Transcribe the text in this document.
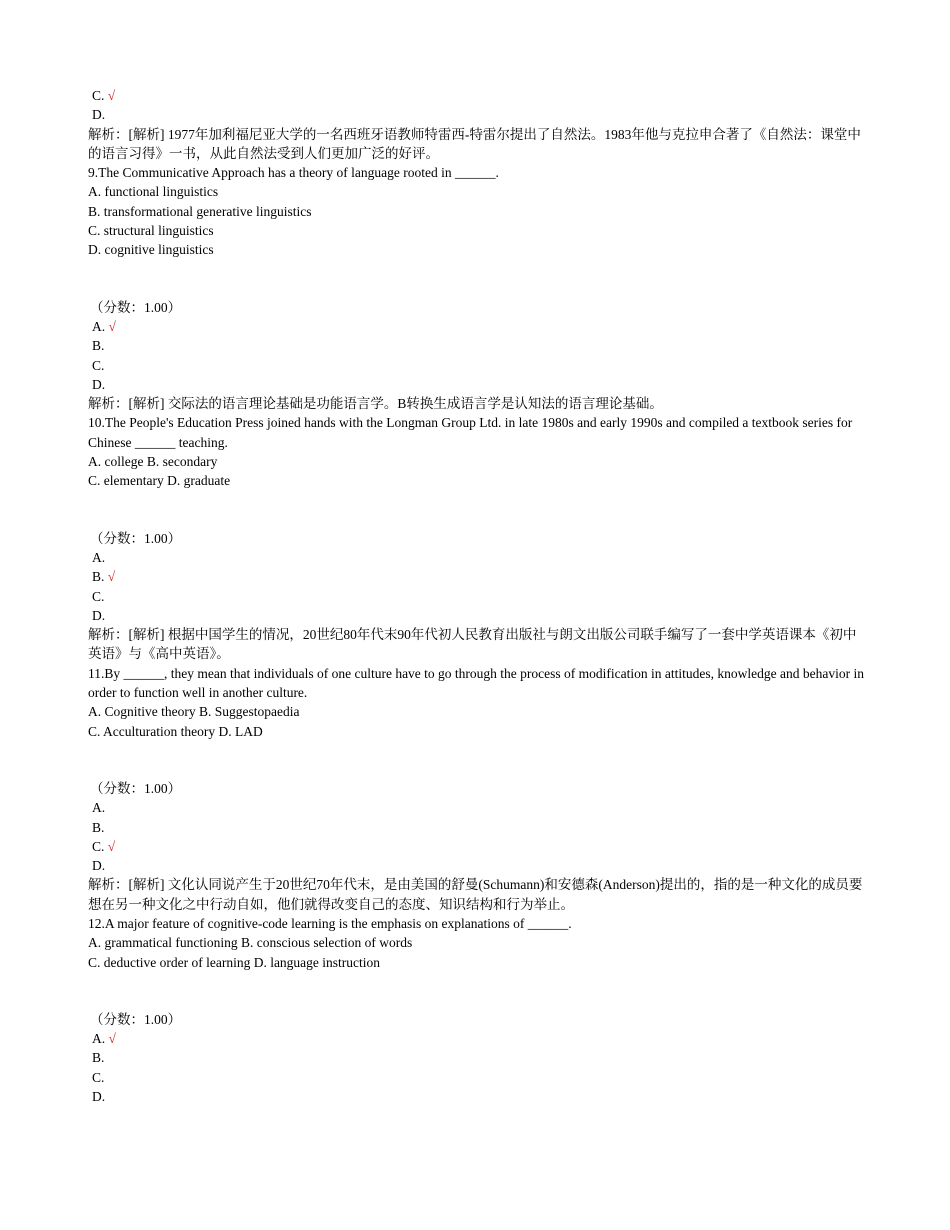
C. √
D.
解析：[解析] 1977年加利福尼亚大学的一名西班牙语教师特雷西-特雷尔提出了自然法。1983年他与克拉申合著了《自然法：课堂中的语言习得》一书，从此自然法受到人们更加广泛的好评。
9.The Communicative Approach has a theory of language rooted in ______.
A. functional linguistics
B. transformational generative linguistics
C. structural linguistics
D. cognitive linguistics
（分数：1.00）
A. √
B.
C.
D.
解析：[解析] 交际法的语言理论基础是功能语言学。B转换生成语言学是认知法的语言理论基础。
10.The People's Education Press joined hands with the Longman Group Ltd. in late 1980s and early 1990s and compiled a textbook series for Chinese ______ teaching.
A. college B. secondary
C. elementary D. graduate
（分数：1.00）
A.
B. √
C.
D.
解析：[解析] 根据中国学生的情况，20世纪80年代末90年代初人民教育出版社与朗文出版公司联手编写了一套中学英语课本《初中英语》与《高中英语》。
11.By ______, they mean that individuals of one culture have to go through the process of modification in attitudes, knowledge and behavior in order to function well in another culture.
A. Cognitive theory B. Suggestopaedia
C. Acculturation theory D. LAD
（分数：1.00）
A.
B.
C. √
D.
解析：[解析] 文化认同说产生于20世纪70年代末，是由美国的舒曼(Schumann)和安德森(Anderson)提出的，指的是一种文化的成员要想在另一种文化之中行动自如，他们就得改变自己的态度、知识结构和行为举止。
12.A major feature of cognitive-code learning is the emphasis on explanations of ______.
A. grammatical functioning B. conscious selection of words
C. deductive order of learning D. language instruction
（分数：1.00）
A. √
B.
C.
D.
